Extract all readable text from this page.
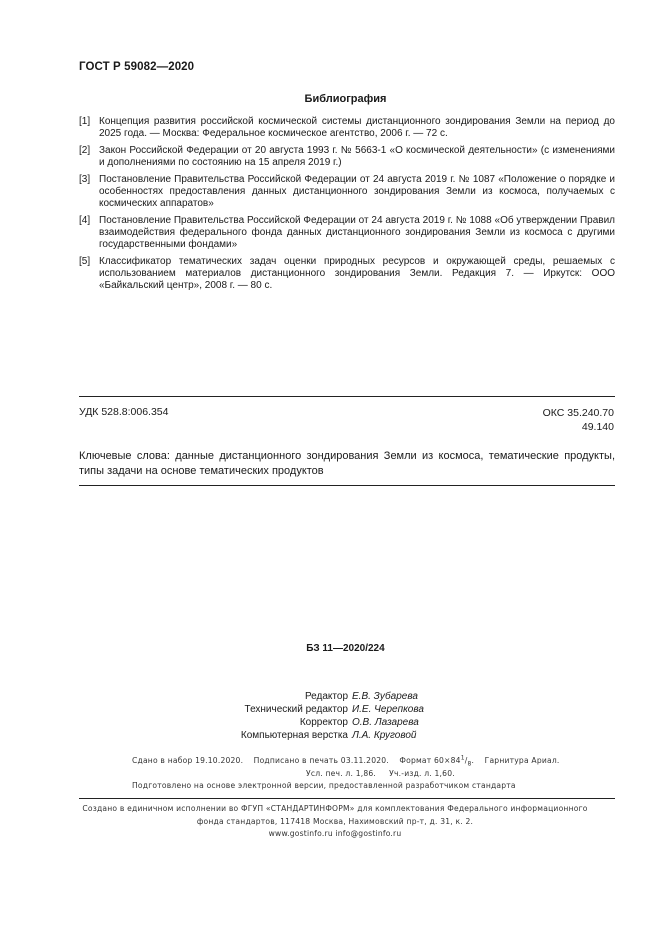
ГОСТ Р 59082—2020
Библиография
[1] Концепция развития российской космической системы дистанционного зондирования Земли на период до 2025 года. — Москва: Федеральное космическое агентство, 2006 г. — 72 с.
[2] Закон Российской Федерации от 20 августа 1993 г. № 5663-1 «О космической деятельности» (с изменениями и дополнениями по состоянию на 15 апреля 2019 г.)
[3] Постановление Правительства Российской Федерации от 24 августа 2019 г. № 1087 «Положение о порядке и особенностях предоставления данных дистанционного зондирования Земли из космоса, получаемых с космических аппаратов»
[4] Постановление Правительства Российской Федерации от 24 августа 2019 г. № 1088 «Об утверждении Правил взаимодействия федерального фонда данных дистанционного зондирования Земли из космоса с другими государственными фондами»
[5] Классификатор тематических задач оценки природных ресурсов и окружающей среды, решаемых с использованием материалов дистанционного зондирования Земли. Редакция 7. — Иркутск: ООО «Байкальский центр», 2008 г. — 80 с.
УДК 528.8:006.354	ОКС 35.240.70
49.140
Ключевые слова: данные дистанционного зондирования Земли из космоса, тематические продукты, типы задачи на основе тематических продуктов
БЗ 11—2020/224
Редактор Е.В. Зубарева
Технический редактор И.Е. Черепкова
Корректор О.В. Лазарева
Компьютерная верстка Л.А. Круговой
Сдано в набор 19.10.2020. Подписано в печать 03.11.2020. Формат $60\times 84^1/_8$. Гарнитура Ариал.
Усл. печ. л. 1,86. Уч.-изд. л. 1,60.
Подготовлено на основе электронной версии, предоставленной разработчиком стандарта
Создано в единичном исполнении во ФГУП «СТАНДАРТИНФОРМ» для комплектования Федерального информационного
фонда стандартов, 117418 Москва, Нахимовский пр-т, д. 31, к. 2.
www.gostinfo.ru info@gostinfo.ru
